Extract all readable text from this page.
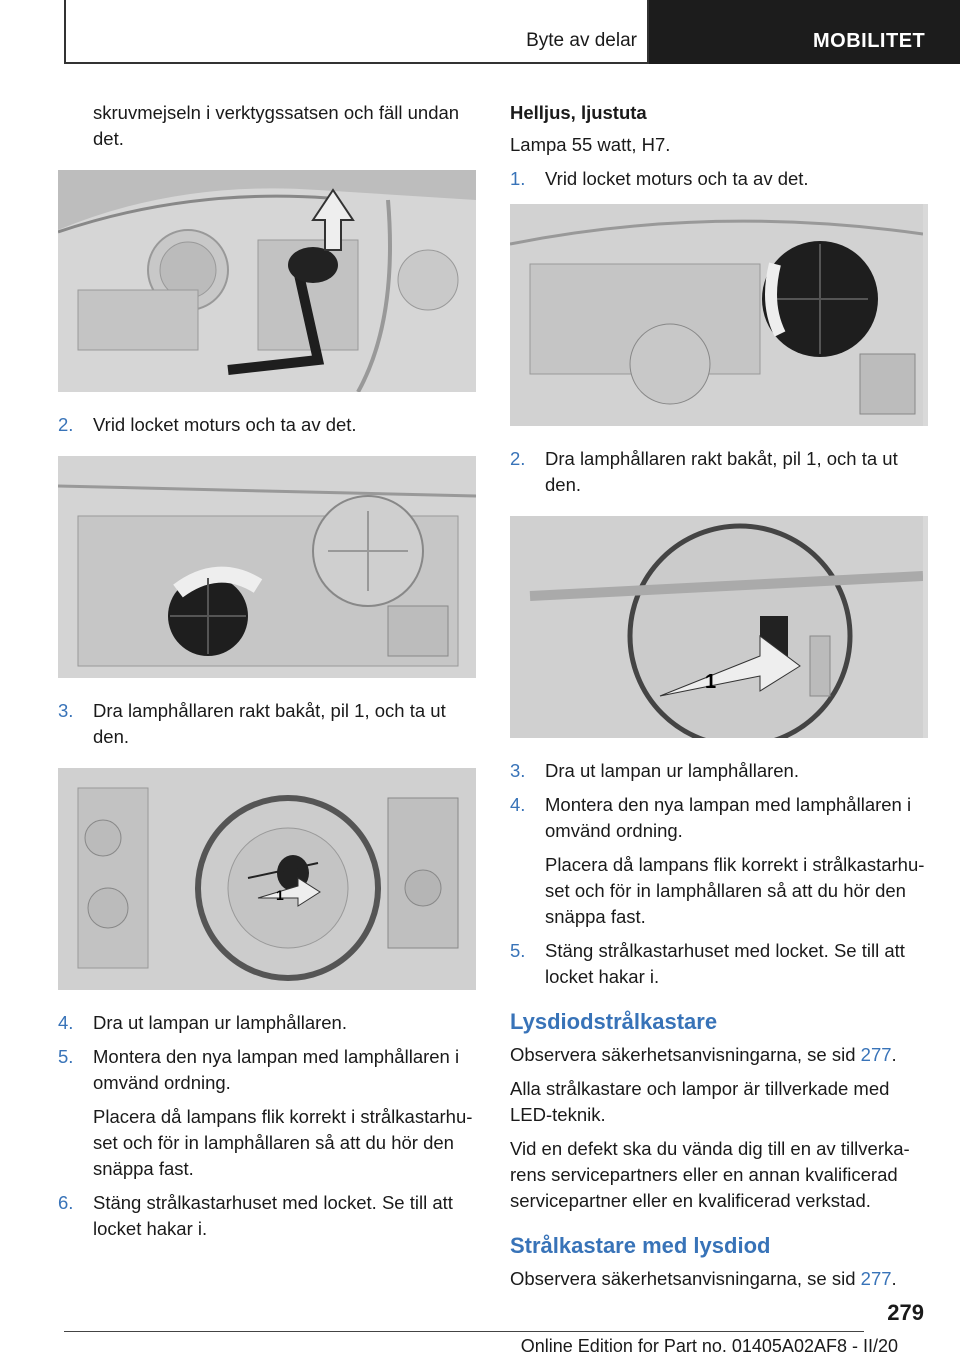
Byte av delar	MOBILITET

skruvmejseln i verktygssatsen och fäll undan det.

2.	Vrid locket moturs och ta av det.

3.	Dra lamphållaren rakt bakåt, pil 1, och ta ut den.

1
4.	Dra ut lampan ur lamphållaren.

5.	Montera den nya lampan med lamphållaren i omvänd ordning.

Placera då lampans flik korrekt i strålkastarhuset och för in lamphållaren så att du hör den snäppa fast.

6.	Stäng strålkastarhuset med locket. Se till att locket hakar i.

Helljus, ljustuta

Lampa 55 watt, H7.

1.	Vrid locket moturs och ta av det.

2.	Dra lamphållaren rakt bakåt, pil 1, och ta ut den.

1
3.	Dra ut lampan ur lamphållaren.

4.	Montera den nya lampan med lamphållaren i omvänd ordning.

Placera då lampans flik korrekt i strålkastarhuset och för in lamphållaren så att du hör den snäppa fast.

5.	Stäng strålkastarhuset med locket. Se till att locket hakar i.

Lysdiodstrålkastare

Observera säkerhetsanvisningarna, se sid 277.

Alla strålkastare och lampor är tillverkade med LED-teknik.

Vid en defekt ska du vända dig till en av tillverkarens servicepartners eller en annan kvalificerad servicepartner eller en kvalificerad verkstad.

Strålkastare med lysdiod

Observera säkerhetsanvisningarna, se sid 277.

279
Online Edition for Part no. 01405A02AF8 - II/20
